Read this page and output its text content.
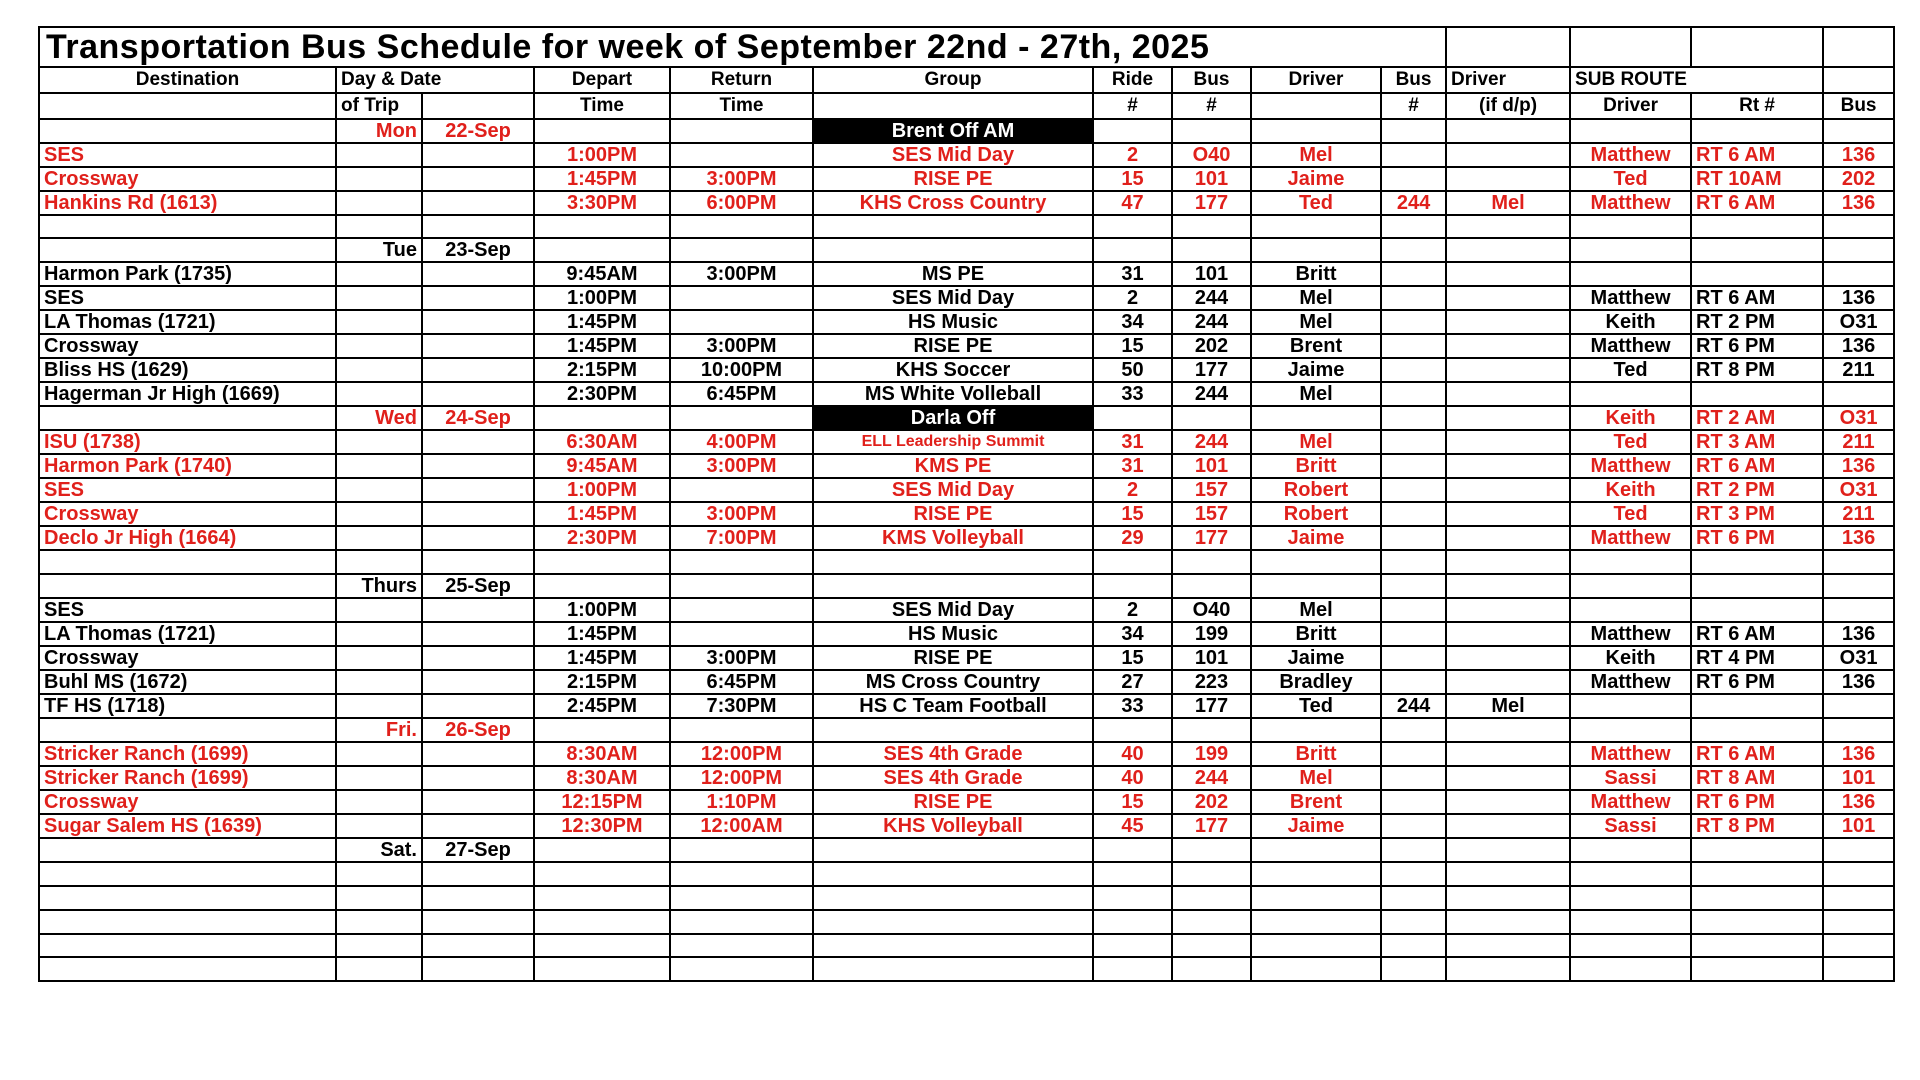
Transportation Bus Schedule for week of September 22nd - 27th, 2025													
Destination	Day & Date		Depart	Return	Group	Ride	Bus	Driver	Bus	Driver	SUB ROUTE		
	of Trip		Time	Time		#	#		#	(if d/p)	Driver	Rt #	Bus
	Mon	22-Sep			Brent Off AM								
SES			1:00PM		SES Mid Day	2	O40	Mel			Matthew	RT 6 AM	136
Crossway			1:45PM	3:00PM	RISE PE	15	101	Jaime			Ted	RT 10AM	202
Hankins Rd (1613)			3:30PM	6:00PM	KHS Cross Country	47	177	Ted	244	Mel	Matthew	RT 6 AM	136

	Tue	23-Sep											
Harmon Park (1735)			9:45AM	3:00PM	MS PE	31	101	Britt					
SES			1:00PM		SES Mid Day	2	244	Mel			Matthew	RT 6 AM	136
LA Thomas (1721)			1:45PM		HS Music	34	244	Mel			Keith	RT 2 PM	O31
Crossway			1:45PM	3:00PM	RISE PE	15	202	Brent			Matthew	RT 6 PM	136
Bliss HS (1629)			2:15PM	10:00PM	KHS Soccer	50	177	Jaime			Ted	RT 8 PM	211
Hagerman Jr High (1669)			2:30PM	6:45PM	MS White Volleball	33	244	Mel					
	Wed	24-Sep			Darla Off						Keith	RT 2 AM	O31
ISU (1738)			6:30AM	4:00PM	ELL Leadership Summit	31	244	Mel			Ted	RT 3 AM	211
Harmon Park (1740)			9:45AM	3:00PM	KMS PE	31	101	Britt			Matthew	RT 6 AM	136
SES			1:00PM		SES Mid Day	2	157	Robert			Keith	RT 2 PM	O31
Crossway			1:45PM	3:00PM	RISE PE	15	157	Robert			Ted	RT 3 PM	211
Declo Jr High (1664)			2:30PM	7:00PM	KMS Volleyball	29	177	Jaime			Matthew	RT 6 PM	136

	Thurs	25-Sep											
SES			1:00PM		SES Mid Day	2	O40	Mel					
LA Thomas (1721)			1:45PM		HS Music	34	199	Britt			Matthew	RT 6 AM	136
Crossway			1:45PM	3:00PM	RISE PE	15	101	Jaime			Keith	RT 4 PM	O31
Buhl MS (1672)			2:15PM	6:45PM	MS Cross Country	27	223	Bradley			Matthew	RT 6 PM	136
TF HS (1718)			2:45PM	7:30PM	HS C Team Football	33	177	Ted	244	Mel			
	Fri.	26-Sep											
Stricker Ranch (1699)			8:30AM	12:00PM	SES 4th Grade	40	199	Britt			Matthew	RT 6 AM	136
Stricker Ranch (1699)			8:30AM	12:00PM	SES 4th Grade	40	244	Mel			Sassi	RT 8 AM	101
Crossway			12:15PM	1:10PM	RISE PE	15	202	Brent			Matthew	RT 6 PM	136
Sugar Salem HS (1639)			12:30PM	12:00AM	KHS Volleyball	45	177	Jaime			Sassi	RT 8 PM	101
	Sat.	27-Sep											
